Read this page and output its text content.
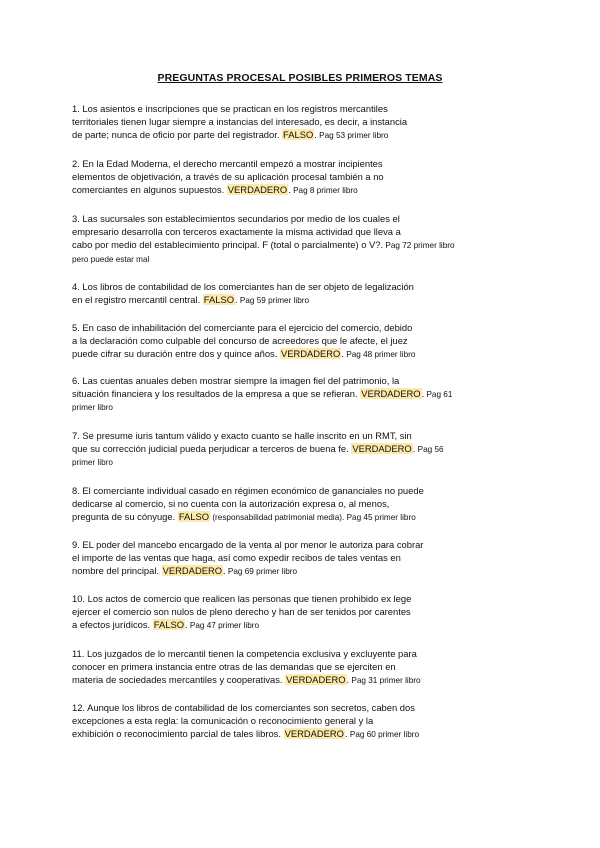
PREGUNTAS PROCESAL POSIBLES PRIMEROS TEMAS

1. Los asientos e inscripciones que se practican en los registros mercantiles

territoriales tienen lugar siempre a instancias del interesado, es decir, a instancia

de parte; nunca de oficio por parte del registrador. FALSO. Pag 53 primer libro

2. En la Edad Moderna, el derecho mercantil empezó a mostrar incipientes

elementos de objetivación, a través de su aplicación procesal también a no

comerciantes en algunos supuestos. VERDADERO. Pag 8 primer libro

3. Las sucursales son establecimientos secundarios por medio de los cuales el

empresario desarrolla con terceros exactamente la misma actividad que lleva a

cabo por medio del establecimiento principal. F (total o parcialmente) o V?. Pag 72 primer libro

pero puede estar mal

4. Los libros de contabilidad de los comerciantes han de ser objeto de legalización

en el registro mercantil central. FALSO. Pag 59 primer libro

5. En caso de inhabilitación del comerciante para el ejercicio del comercio, debido

a la declaración como culpable del concurso de acreedores que le afecte, el juez

puede cifrar su duración entre dos y quince años. VERDADERO. Pag 48 primer libro

6. Las cuentas anuales deben mostrar siempre la imagen fiel del patrimonio, la

situación financiera y los resultados de la empresa a que se refieran. VERDADERO. Pag 61

primer libro

7. Se presume iuris tantum válido y exacto cuanto se halle inscrito en un RMT, sin

que su corrección judicial pueda perjudicar a terceros de buena fe. VERDADERO. Pag 56

primer libro

8. El comerciante individual casado en régimen económico de gananciales no puede

dedicarse al comercio, si no cuenta con la autorización expresa o, al menos,

pregunta de su cónyuge. FALSO (responsabilidad patrimonial media). Pag 45 primer libro

9. EL poder del mancebo encargado de la venta al por menor le autoriza para cobrar

el importe de las ventas que haga, así como expedir recibos de tales ventas en

nombre del principal. VERDADERO. Pag 69 primer libro

10. Los actos de comercio que realicen las personas que tienen prohibido ex lege

ejercer el comercio son nulos de pleno derecho y han de ser tenidos por carentes

a efectos jurídicos. FALSO. Pag 47 primer libro

11. Los juzgados de lo mercantil tienen la competencia exclusiva y excluyente para

conocer en primera instancia entre otras de las demandas que se ejerciten en

materia de sociedades mercantiles y cooperativas. VERDADERO. Pag 31 primer libro

12. Aunque los libros de contabilidad de los comerciantes son secretos, caben dos

excepciones a esta regla: la comunicación o reconocimiento general y la

exhibición o reconocimiento parcial de tales libros. VERDADERO. Pag 60 primer libro
